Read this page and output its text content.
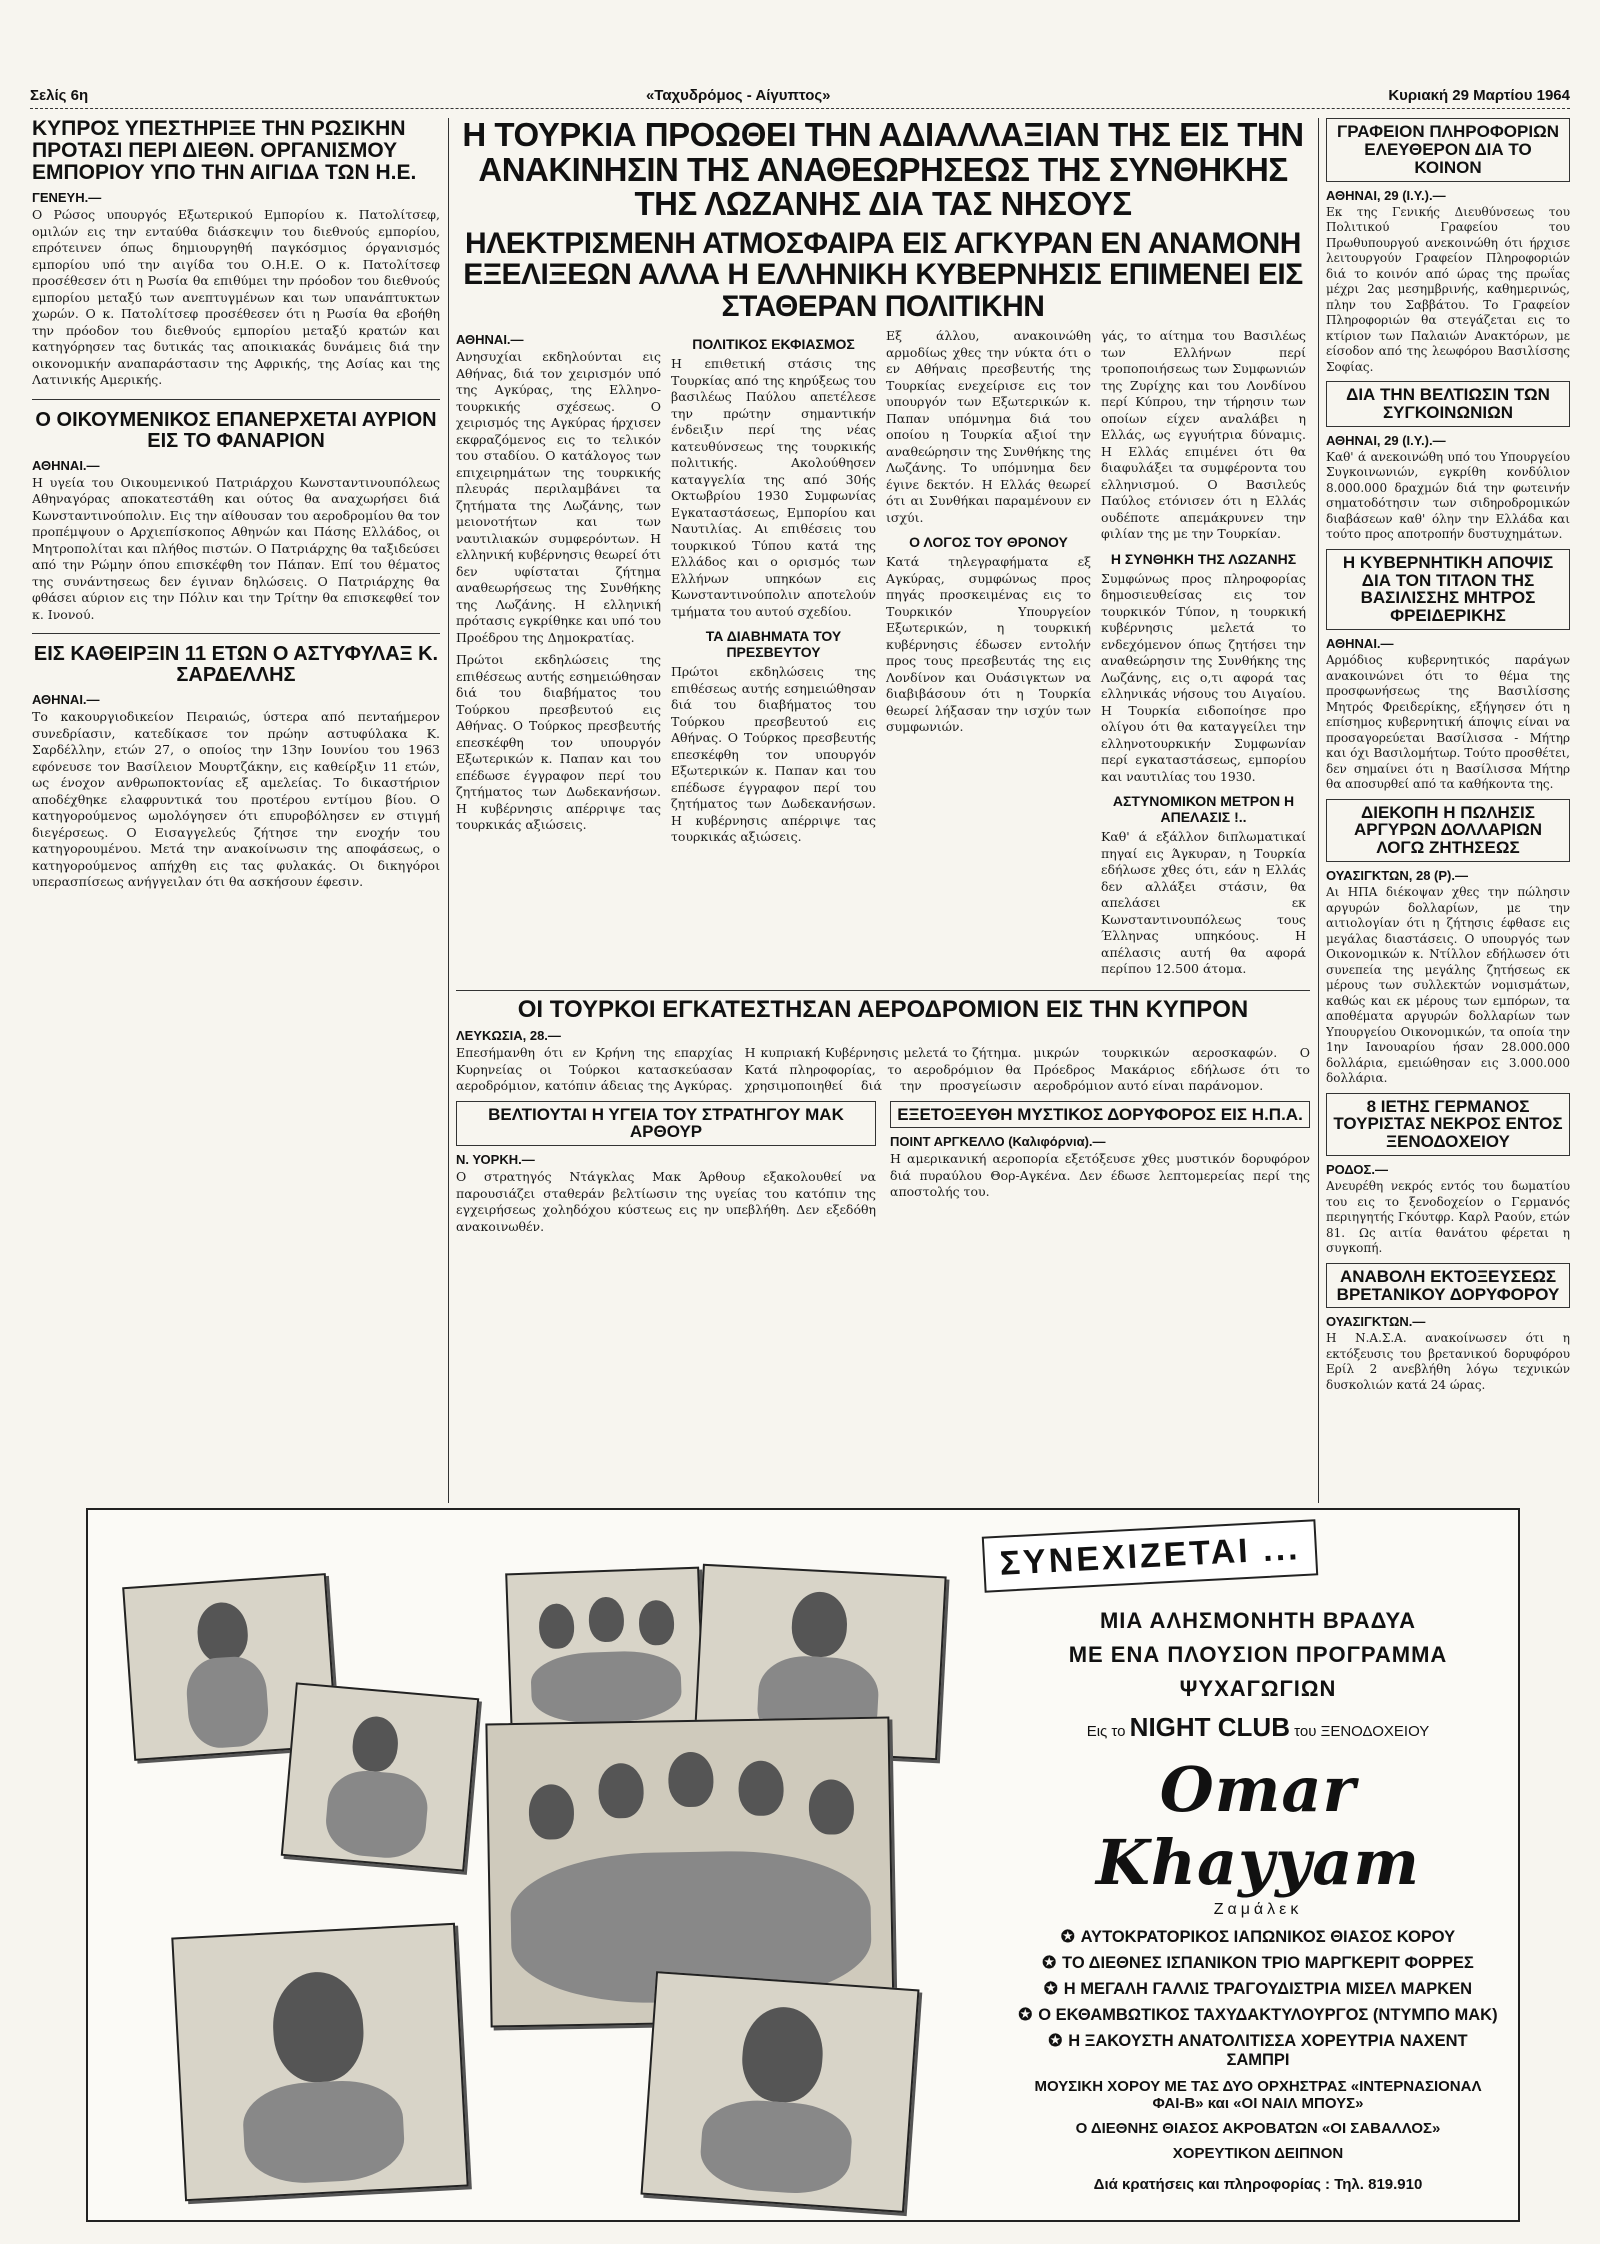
Σελίς 6η	«Ταχυδρόμος - Αίγυπτος»	Κυριακή 29 Μαρτίου 1964
ΚΥΠΡΟΣ ΥΠΕΣΤΗΡΙΞΕ ΤΗΝ ΡΩΣΙΚΗΝ ΠΡΟΤΑΣΙ ΠΕΡΙ ΔΙΕΘΝ. ΟΡΓΑΝΙΣΜΟΥ ΕΜΠΟΡΙΟΥ ΥΠΟ ΤΗΝ ΑΙΓΙΔΑ ΤΩΝ Η.Ε.
ΓΕΝΕΥΗ.—

Ο Ρώσος υπουργός Εξωτερικού Εμπορίου κ. Πατολίτσεφ, ομιλών εις την ενταύθα διάσκεψιν του διεθνούς εμπορίου, επρότεινεν όπως δημιουργηθή παγκόσμιος όργανισμός εμπορίου υπό την αιγίδα του Ο.Η.Ε. Ο κ. Πατολίτσεφ προσέθεσεν ότι η Ρωσία θα επιθύμει την πρόοδον του διεθνούς εμπορίου μεταξύ των ανεπτυγμένων και των υπανάπτυκτων χωρών. Ο κ. Πατολίτσεφ προσέθεσεν ότι η Ρωσία θα εβοήθη την πρόοδον του διεθνούς εμπορίου μεταξύ κρατών και κατηγόρησεν τας δυτικάς τας αποικιακάς δυνάμεις διά την οικονομικήν αναπαράστασιν της Αφρικής, της Ασίας και της Λατινικής Αμερικής.

Ο ΟΙΚΟΥΜΕΝΙΚΟΣ ΕΠΑΝΕΡΧΕΤΑΙ ΑΥΡΙΟΝ ΕΙΣ ΤΟ ΦΑΝΑΡΙΟΝ
ΑΘΗΝΑΙ.—

Η υγεία του Οικουμενικού Πατριάρχου Κωνσταντινουπόλεως Αθηναγόρας αποκατεστάθη και ούτος θα αναχωρήσει διά Κωνσταντινούπολιν. Εις την αίθουσαν του αεροδρομίου θα τον προπέμψουν ο Αρχιεπίσκοπος Αθηνών και Πάσης Ελλάδος, οι Μητροπολίται και πλήθος πιστών. Ο Πατριάρχης θα ταξιδεύσει από την Ρώμην όπου επισκέφθη τον Πάπαν. Επί του θέματος της συνάντησεως δεν έγιναν δηλώσεις. Ο Πατριάρχης θα φθάσει αύριον εις την Πόλιν και την Τρίτην θα επισκεφθεί τον κ. Ινονού.

ΕΙΣ ΚΑΘΕΙΡΞΙΝ 11 ΕΤΩΝ Ο ΑΣΤΥΦΥΛΑΞ Κ. ΣΑΡΔΕΛΛΗΣ
ΑΘΗΝΑΙ.—

Το κακουργιοδικείον Πειραιώς, ύστερα από πενταήμερον συνεδρίασιν, κατεδίκασε τον πρώην αστυφύλακα Κ. Σαρδέλλην, ετών 27, ο οποίος την 13ην Ιουνίου του 1963 εφόνευσε τον Βασίλειον Μουρτζάκην, εις καθείρξιν 11 ετών, ως ένοχον ανθρωποκτονίας εξ αμελείας. Το δικαστήριον αποδέχθηκε ελαφρυντικά του προτέρου εντίμου βίου. Ο κατηγορούμενος ωμολόγησεν ότι επυροβόλησεν εν στιγμή διεγέρσεως. Ο Εισαγγελεύς ζήτησε την ενοχήν του κατηγορουμένου. Μετά την ανακοίνωσιν της αποφάσεως, ο κατηγορούμενος απήχθη εις τας φυλακάς. Οι δικηγόροι υπερασπίσεως ανήγγειλαν ότι θα ασκήσουν έφεσιν.

Η ΤΟΥΡΚΙΑ ΠΡΟΩΘΕΙ ΤΗΝ ΑΔΙΑΛΛΑΞΙΑΝ ΤΗΣ ΕΙΣ ΤΗΝ ΑΝΑΚΙΝΗΣΙΝ ΤΗΣ ΑΝΑΘΕΩΡΗΣΕΩΣ ΤΗΣ ΣΥΝΘΗΚΗΣ ΤΗΣ ΛΩΖΑΝΗΣ ΔΙΑ ΤΑΣ ΝΗΣΟΥΣ
ΗΛΕΚΤΡΙΣΜΕΝΗ ΑΤΜΟΣΦΑΙΡΑ ΕΙΣ ΑΓΚΥΡΑΝ ΕΝ ΑΝΑΜΟΝΗ ΕΞΕΛΙΞΕΩΝ ΑΛΛΑ Η ΕΛΛΗΝΙΚΗ ΚΥΒΕΡΝΗΣΙΣ ΕΠΙΜΕΝΕΙ ΕΙΣ ΣΤΑΘΕΡΑΝ ΠΟΛΙΤΙΚΗΝ
ΑΘΗΝΑΙ.—

Ανησυχίαι εκδηλούνται εις Αθήνας, διά τον χειρισμόν υπό της Αγκύρας, της Ελληνο-τουρκικής σχέσεως. Ο χειρισμός της Αγκύρας ήρχισεν εκφραζόμενος εις το τελικόν του σταδίου. Ο κατάλογος των επιχειρημάτων της τουρκικής πλευράς περιλαμβάνει τα ζητήματα της Λωζάνης, των μειονοτήτων και των ναυτιλιακών συμφερόντων. Η ελληνική κυβέρνησις θεωρεί ότι δεν υφίσταται ζήτημα αναθεωρήσεως της Συνθήκης της Λωζάνης. Η ελληνική πρότασις εγκρίθηκε και υπό του Προέδρου της Δημοκρατίας.

Πρώτοι εκδηλώσεις της επιθέσεως αυτής εσημειώθησαν διά του διαβήματος του Τούρκου πρεσβευτού εις Αθήνας. Ο Τούρκος πρεσβευτής επεσκέφθη τον υπουργόν Εξωτερικών κ. Παπαν και του επέδωσε έγγραφον περί του ζητήματος των Δωδεκανήσων. Η κυβέρνησις απέρριψε τας τουρκικάς αξιώσεις.

ΠΟΛΙΤΙΚΟΣ ΕΚΦΙΑΣΜΟΣ

Η επιθετική στάσις της Τουρκίας από της κηρύξεως του βασιλέως Παύλου απετέλεσε την πρώτην σημαντικήν ένδειξιν περί της νέας κατευθύνσεως της τουρκικής πολιτικής. Ακολούθησεν καταγγελία της από 30ής Οκτωβρίου 1930 Συμφωνίας Εγκαταστάσεως, Εμπορίου και Ναυτιλίας. Αι επιθέσεις του τουρκικού Τύπου κατά της Ελλάδος και ο ορισμός των Ελλήνων υπηκόων εις Κωνσταντινούπολιν αποτελούν τμήματα του αυτού σχεδίου.

ΤΑ ΔΙΑΒΗΜΑΤΑ ΤΟΥ ΠΡΕΣΒΕΥΤΟΥ

Πρώτοι εκδηλώσεις της επιθέσεως αυτής εσημειώθησαν διά του διαβήματος του Τούρκου πρεσβευτού εις Αθήνας. Ο Τούρκος πρεσβευτής επεσκέφθη τον υπουργόν Εξωτερικών κ. Παπαν και του επέδωσε έγγραφον περί του ζητήματος των Δωδεκανήσων. Η κυβέρνησις απέρριψε τας τουρκικάς αξιώσεις.

Εξ άλλου, ανακοινώθη αρμοδίως χθες την νύκτα ότι ο εν Αθήναις πρεσβευτής της Τουρκίας ενεχείρισε εις τον υπουργόν των Εξωτερικών κ. Παπαν υπόμνημα διά του οποίου η Τουρκία αξιοί την αναθεώρησιν της Συνθήκης της Λωζάνης. Το υπόμνημα δεν έγινε δεκτόν. Η Ελλάς θεωρεί ότι αι Συνθήκαι παραμένουν εν ισχύι.

Ο ΛΟΓΟΣ ΤΟΥ ΘΡΟΝΟΥ

Κατά τηλεγραφήματα εξ Αγκύρας, συμφώνως προς πηγάς προσκειμένας εις το Τουρκικόν Υπουργείον Εξωτερικών, η τουρκική κυβέρνησις έδωσεν εντολήν προς τους πρεσβευτάς της εις Λονδίνον και Ουάσιγκτων να διαβιβάσουν ότι η Τουρκία θεωρεί λήξασαν την ισχύν των συμφωνιών.

γάς, το αίτημα του Βασιλέως των Ελλήνων περί τροποποιήσεως των Συμφωνιών της Ζυρίχης και του Λονδίνου περί Κύπρου, την τήρησιν των οποίων είχεν αναλάβει η Ελλάς, ως εγγυήτρια δύναμις. Η Ελλάς επιμένει ότι θα διαφυλάξει τα συμφέροντα του ελληνισμού. Ο Βασιλεύς Παύλος ετόνισεν ότι η Ελλάς ουδέποτε απεμάκρυνεν την φιλίαν της με την Τουρκίαν.

Η ΣΥΝΘΗΚΗ ΤΗΣ ΛΩΖΑΝΗΣ

Συμφώνως προς πληροφορίας δημοσιευθείσας εις τον τουρκικόν Τύπον, η τουρκική κυβέρνησις μελετά το ενδεχόμενον όπως ζητήσει την αναθεώρησιν της Συνθήκης της Λωζάνης, εις ο,τι αφορά τας ελληνικάς νήσους του Αιγαίου. Η Τουρκία ειδοποίησε προ ολίγου ότι θα καταγγείλει την ελληνοτουρκικήν Συμφωνίαν περί εγκαταστάσεως, εμπορίου και ναυτιλίας του 1930.

ΑΣΤΥΝΟΜΙΚΟΝ ΜΕΤΡΟΝ Η ΑΠΕΛΑΣΙΣ !..

Καθ' ά εξάλλον διπλωματικαί πηγαί εις Άγκυραν, η Τουρκία εδήλωσε χθες ότι, εάν η Ελλάς δεν αλλάξει στάσιν, θα απελάσει εκ Κωνσταντινουπόλεως τους Έλληνας υπηκόους. Η απέλασις αυτή θα αφορά περίπου 12.500 άτομα.

ΟΙ ΤΟΥΡΚΟΙ ΕΓΚΑΤΕΣΤΗΣΑΝ ΑΕΡΟΔΡΟΜΙΟΝ ΕΙΣ ΤΗΝ ΚΥΠΡΟΝ
ΛΕΥΚΩΣΙΑ, 28.—

Επεσήμανθη ότι εν Κρήνη της επαρχίας Κυρηνείας οι Τούρκοι κατασκεύασαν αεροδρόμιον, κατόπιν άδειας της Αγκύρας. Η κυπριακή Κυβέρνησις μελετά το ζήτημα. Κατά πληροφορίας, το αεροδρόμιον θα χρησιμοποιηθεί διά την προσγείωσιν μικρών τουρκικών αεροσκαφών. Ο Πρόεδρος Μακάριος εδήλωσε ότι το αεροδρόμιον αυτό είναι παράνομον.

ΒΕΛΤΙΟΥΤΑΙ Η ΥΓΕΙΑ ΤΟΥ ΣΤΡΑΤΗΓΟΥ ΜΑΚ ΑΡΘΟΥΡ
Ν. ΥΟΡΚΗ.—

Ο στρατηγός Ντάγκλας Μακ Άρθουρ εξακολουθεί να παρουσιάζει σταθεράν βελτίωσιν της υγείας του κατόπιν της εγχειρήσεως χοληδόχου κύστεως εις ην υπεβλήθη. Δεν εξεδόθη ανακοινωθέν.

ΕΞΕΤΟΞΕΥΘΗ ΜΥΣΤΙΚΟΣ ΔΟΡΥΦΟΡΟΣ ΕΙΣ Η.Π.Α.
ΠΟΙΝΤ ΑΡΓΚΕΛΛΟ (Καλιφόρνια).—

Η αμερικανική αεροπορία εξετόξευσε χθες μυστικόν δορυφόρον διά πυραύλου Θορ-Αγκένα. Δεν έδωσε λεπτομερείας περί της αποστολής του.

ΓΡΑΦΕΙΟΝ ΠΛΗΡΟΦΟΡΙΩΝ ΕΛΕΥΘΕΡΟΝ ΔΙΑ ΤΟ ΚΟΙΝΟΝ
ΑΘΗΝΑΙ, 29 (Ι.Υ.).—

Εκ της Γενικής Διευθύνσεως του Πολιτικού Γραφείου του Πρωθυπουργού ανεκοινώθη ότι ήρχισε λειτουργούν Γραφείον Πληροφοριών διά το κοινόν από ώρας της πρωΐας μέχρι 2ας μεσημβρινής, καθημερινώς, πλην του Σαββάτου. Το Γραφείον Πληροφοριών θα στεγάζεται εις το κτίριον των Παλαιών Ανακτόρων, με είσοδον από της λεωφόρου Βασιλίσσης Σοφίας.

ΔΙΑ ΤΗΝ ΒΕΛΤΙΩΣΙΝ ΤΩΝ ΣΥΓΚΟΙΝΩΝΙΩΝ
ΑΘΗΝΑΙ, 29 (Ι.Υ.).—

Καθ' ά ανεκοινώθη υπό του Υπουργείου Συγκοινωνιών, εγκρίθη κονδύλιον 8.000.000 δραχμών διά την φωτεινήν σηματοδότησιν των σιδηροδρομικών διαβάσεων καθ' όλην την Ελλάδα και τούτο προς αποτροπήν δυστυχημάτων.

Η ΚΥΒΕΡΝΗΤΙΚΗ ΑΠΟΨΙΣ ΔΙΑ ΤΟΝ ΤΙΤΛΟΝ ΤΗΣ ΒΑΣΙΛΙΣΣΗΣ ΜΗΤΡΟΣ ΦΡΕΙΔΕΡΙΚΗΣ
ΑΘΗΝΑΙ.—

Αρμόδιος κυβερνητικός παράγων ανακοινώνει ότι το θέμα της προσφωνήσεως της Βασιλίσσης Μητρός Φρειδερίκης, εξήγησεν ότι η επίσημος κυβερνητική άποψις είναι να προσαγορεύεται Βασίλισσα - Μήτηρ και όχι Βασιλομήτωρ. Τούτο προσθέτει, δεν σημαίνει ότι η Βασίλισσα Μήτηρ θα αποσυρθεί από τα καθήκοντα της.

ΔΙΕΚΟΠΗ Η ΠΩΛΗΣΙΣ ΑΡΓΥΡΩΝ ΔΟΛΛΑΡΙΩΝ ΛΟΓΩ ΖΗΤΗΣΕΩΣ
ΟΥΑΣΙΓΚΤΩΝ, 28 (Ρ).—

Αι ΗΠΑ διέκοψαν χθες την πώλησιν αργυρών δολλαρίων, με την αιτιολογίαν ότι η ζήτησις έφθασε εις μεγάλας διαστάσεις. Ο υπουργός των Οικονομικών κ. Ντίλλον εδήλωσεν ότι συνεπεία της μεγάλης ζητήσεως εκ μέρους των συλλεκτών νομισμάτων, καθώς και εκ μέρους των εμπόρων, τα αποθέματα αργυρών δολλαρίων των Υπουργείου Οικονομικών, τα οποία την 1ην Ιανουαρίου ήσαν 28.000.000 δολλάρια, εμειώθησαν εις 3.000.000 δολλάρια.

8 ΙΕΤΗΣ ΓΕΡΜΑΝΟΣ ΤΟΥΡΙΣΤΑΣ ΝΕΚΡΟΣ ΕΝΤΟΣ ΞΕΝΟΔΟΧΕΙΟΥ
ΡΟΔΟΣ.—

Ανευρέθη νεκρός εντός του δωματίου του εις το ξενοδοχείον ο Γερμανός περιηγητής Γκόυτφρ. Καρλ Ραούν, ετών 81. Ως αιτία θανάτου φέρεται η συγκοπή.

ΑΝΑΒΟΛΗ ΕΚΤΟΞΕΥΣΕΩΣ ΒΡΕΤΑΝΙΚΟΥ ΔΟΡΥΦΟΡΟΥ
ΟΥΑΣΙΓΚΤΩΝ.—

Η Ν.Α.Σ.Α. ανακοίνωσεν ότι η εκτόξευσις του βρετανικού δορυφόρου Ερίλ 2 ανεβλήθη λόγω τεχνικών δυσκολιών κατά 24 ώρας.

ΣΥΝΕΧΙΖΕΤΑΙ ...
ΜΙΑ ΑΛΗΣΜΟΝΗΤΗ ΒΡΑΔΥΑ
ΜΕ ΕΝΑ ΠΛΟΥΣΙΟΝ ΠΡΟΓΡΑΜΜΑ
ΨΥΧΑΓΩΓΙΩΝ
Εις το NIGHT CLUB του ΞΕΝΟΔΟΧΕΙΟΥ
Omar Khayyam
Ζαμάλεκ
✪ ΑΥΤΟΚΡΑΤΟΡΙΚΟΣ ΙΑΠΩΝΙΚΟΣ ΘΙΑΣΟΣ ΚΟΡΟΥ
✪ ΤΟ ΔΙΕΘΝΕΣ ΙΣΠΑΝΙΚΟΝ ΤΡΙΟ ΜΑΡΓΚΕΡΙΤ ΦΟΡΡΕΣ
✪ Η ΜΕΓΑΛΗ ΓΑΛΛΙΣ ΤΡΑΓΟΥΔΙΣΤΡΙΑ ΜΙΣΕΛ ΜΑΡΚΕΝ
✪ Ο ΕΚΘΑΜΒΩΤΙΚΟΣ ΤΑΧΥΔΑΚΤΥΛΟΥΡΓΟΣ (ΝΤΥΜΠΟ ΜΑΚ)
✪ Η ΞΑΚΟΥΣΤΗ ΑΝΑΤΟΛΙΤΙΣΣΑ ΧΟΡΕΥΤΡΙΑ ΝΑΧΕΝΤ ΣΑΜΠΡΙ
ΜΟΥΣΙΚΗ ΧΟΡΟΥ ΜΕ ΤΑΣ ΔΥΟ ΟΡΧΗΣΤΡΑΣ «ΙΝΤΕΡΝΑΣΙΟΝΑΛ ΦΑΙ-Β» και «ΟΙ ΝΑΙΛ ΜΠΟΥΣ»
Ο ΔΙΕΘΝΗΣ ΘΙΑΣΟΣ ΑΚΡΟΒΑΤΩΝ «ΟΙ ΣΑΒΑΛΛΟΣ»
ΧΟΡΕΥΤΙΚΟΝ ΔΕΙΠΝΟΝ
Διά κρατήσεις και πληροφορίας : Τηλ. 819.910
